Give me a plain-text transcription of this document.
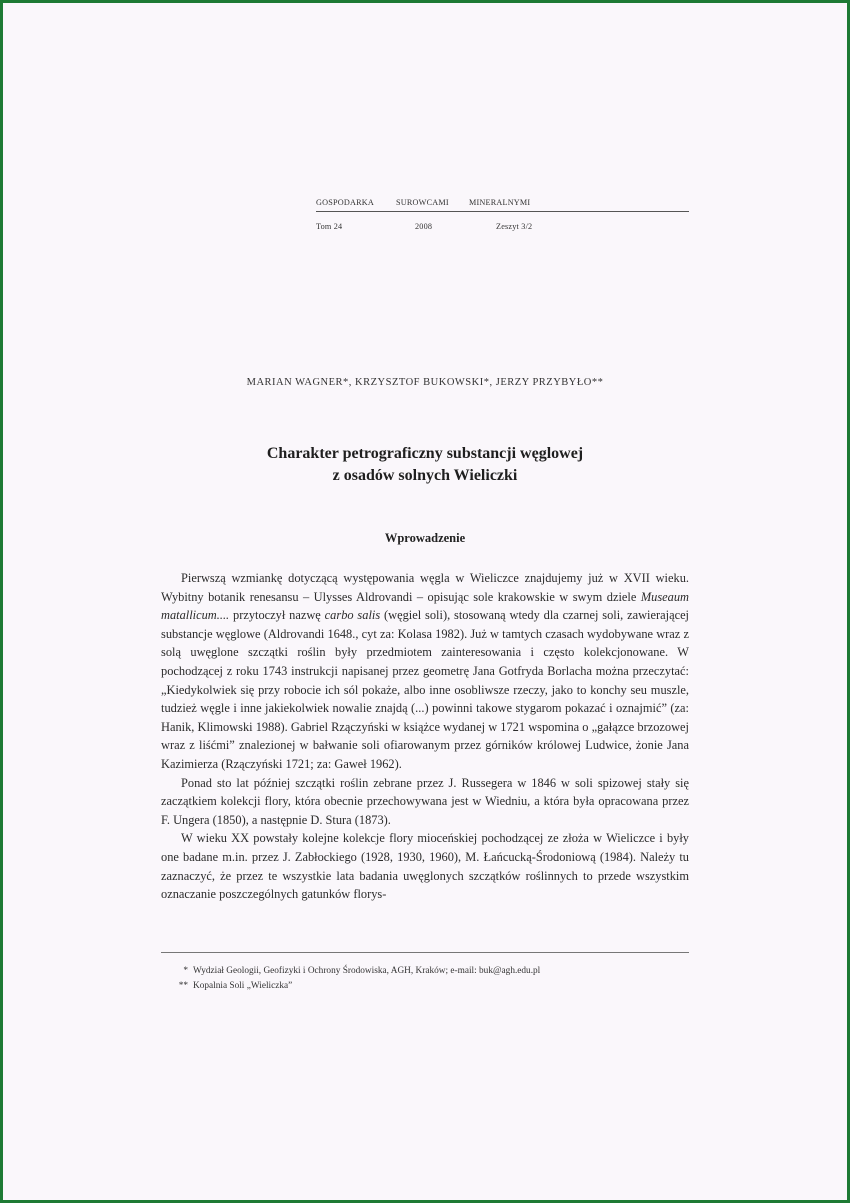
GOSPODARKA	SUROWCAMI MINERALNYMI
Tom 24	2008	Zeszyt 3/2
MARIAN WAGNER*, KRZYSZTOF BUKOWSKI*, JERZY PRZYBYŁO**
Charakter petrograficzny substancji węglowej
z osadów solnych Wieliczki
Wprowadzenie

Pierwszą wzmiankę dotyczącą występowania węgla w Wieliczce znajdujemy już w XVII wieku. Wybitny botanik renesansu – Ulysses Aldrovandi – opisując sole krakowskie w swym dziele Museaum matallicum.... przytoczył nazwę carbo salis (węgiel soli), stosowaną wtedy dla czarnej soli, zawierającej substancje węglowe (Aldrovandi 1648., cyt za: Kolasa 1982). Już w tamtych czasach wydobywane wraz z solą uwęglone szczątki roślin były przedmiotem zainteresowania i często kolekcjonowane. W pochodzącej z roku 1743 instrukcji napisanej przez geometrę Jana Gotfryda Borlacha można przeczytać: „Kiedykolwiek się przy robocie ich sól pokaże, albo inne osobliwsze rzeczy, jako to konchy seu muszle, tudzież węgle i inne jakiekolwiek nowalie znajdą (...) powinni takowe stygarom pokazać i oznajmić” (za: Hanik, Klimowski 1988). Gabriel Rzączyński w książce wydanej w 1721 wspomina o „gałązce brzozowej wraz z liśćmi” znalezionej w bałwanie soli ofiarowanym przez górników królowej Ludwice, żonie Jana Kazimierza (Rzączyński 1721; za: Gaweł 1962).

Ponad sto lat później szczątki roślin zebrane przez J. Russegera w 1846 w soli spizowej stały się zaczątkiem kolekcji flory, która obecnie przechowywana jest w Wiedniu, a która była opracowana przez F. Ungera (1850), a następnie D. Stura (1873).

W wieku XX powstały kolejne kolekcje flory mioceńskiej pochodzącej ze złoża w Wieliczce i były one badane m.in. przez J. Zabłockiego (1928, 1930, 1960), M. Łańcucką-Środoniową (1984). Należy tu zaznaczyć, że przez te wszystkie lata badania uwęglonych szczątków roślinnych to przede wszystkim oznaczanie poszczególnych gatunków florys-

* Wydział Geologii, Geofizyki i Ochrony Środowiska, AGH, Kraków; e-mail: buk@agh.edu.pl
** Kopalnia Soli „Wieliczka”
